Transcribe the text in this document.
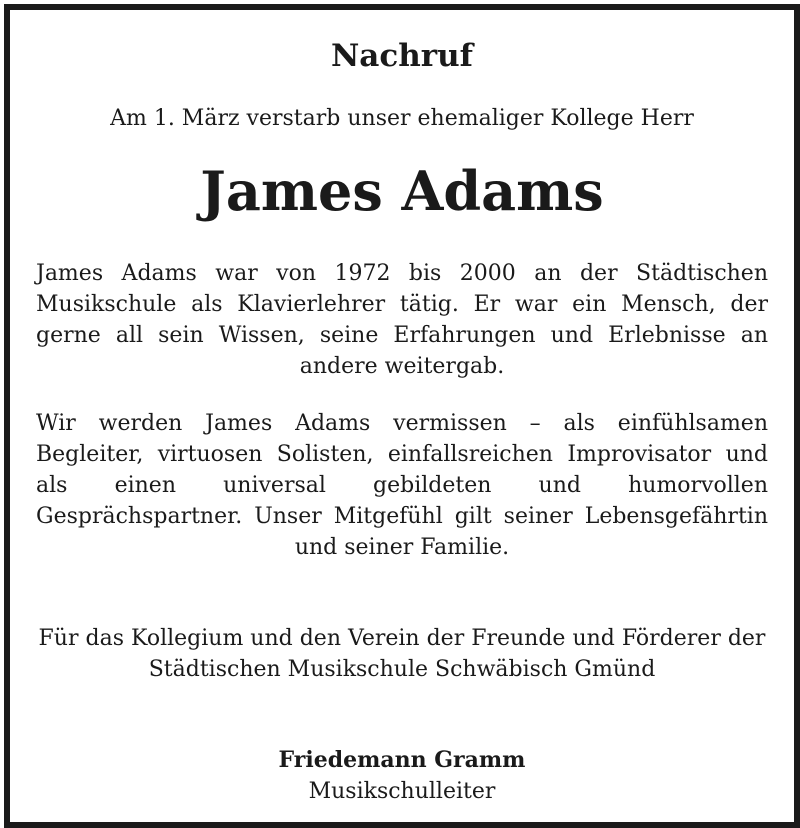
Nachruf
Am 1. März verstarb unser ehemaliger Kollege Herr
James Adams
James Adams war von 1972 bis 2000 an der Städtischen Musikschule als Klavierlehrer tätig. Er war ein Mensch, der gerne all sein Wissen, seine Erfahrungen und Erlebnisse an andere weitergab.
Wir werden James Adams vermissen – als einfühlsamen Begleiter, virtuosen Solisten, einfallsreichen Improvisator und als einen universal gebildeten und humorvollen Gesprächspartner. Unser Mitgefühl gilt seiner Lebensgefährtin und seiner Familie.
Für das Kollegium und den Verein der Freunde und Förderer der Städtischen Musikschule Schwäbisch Gmünd
Friedemann Gramm
Musikschulleiter
